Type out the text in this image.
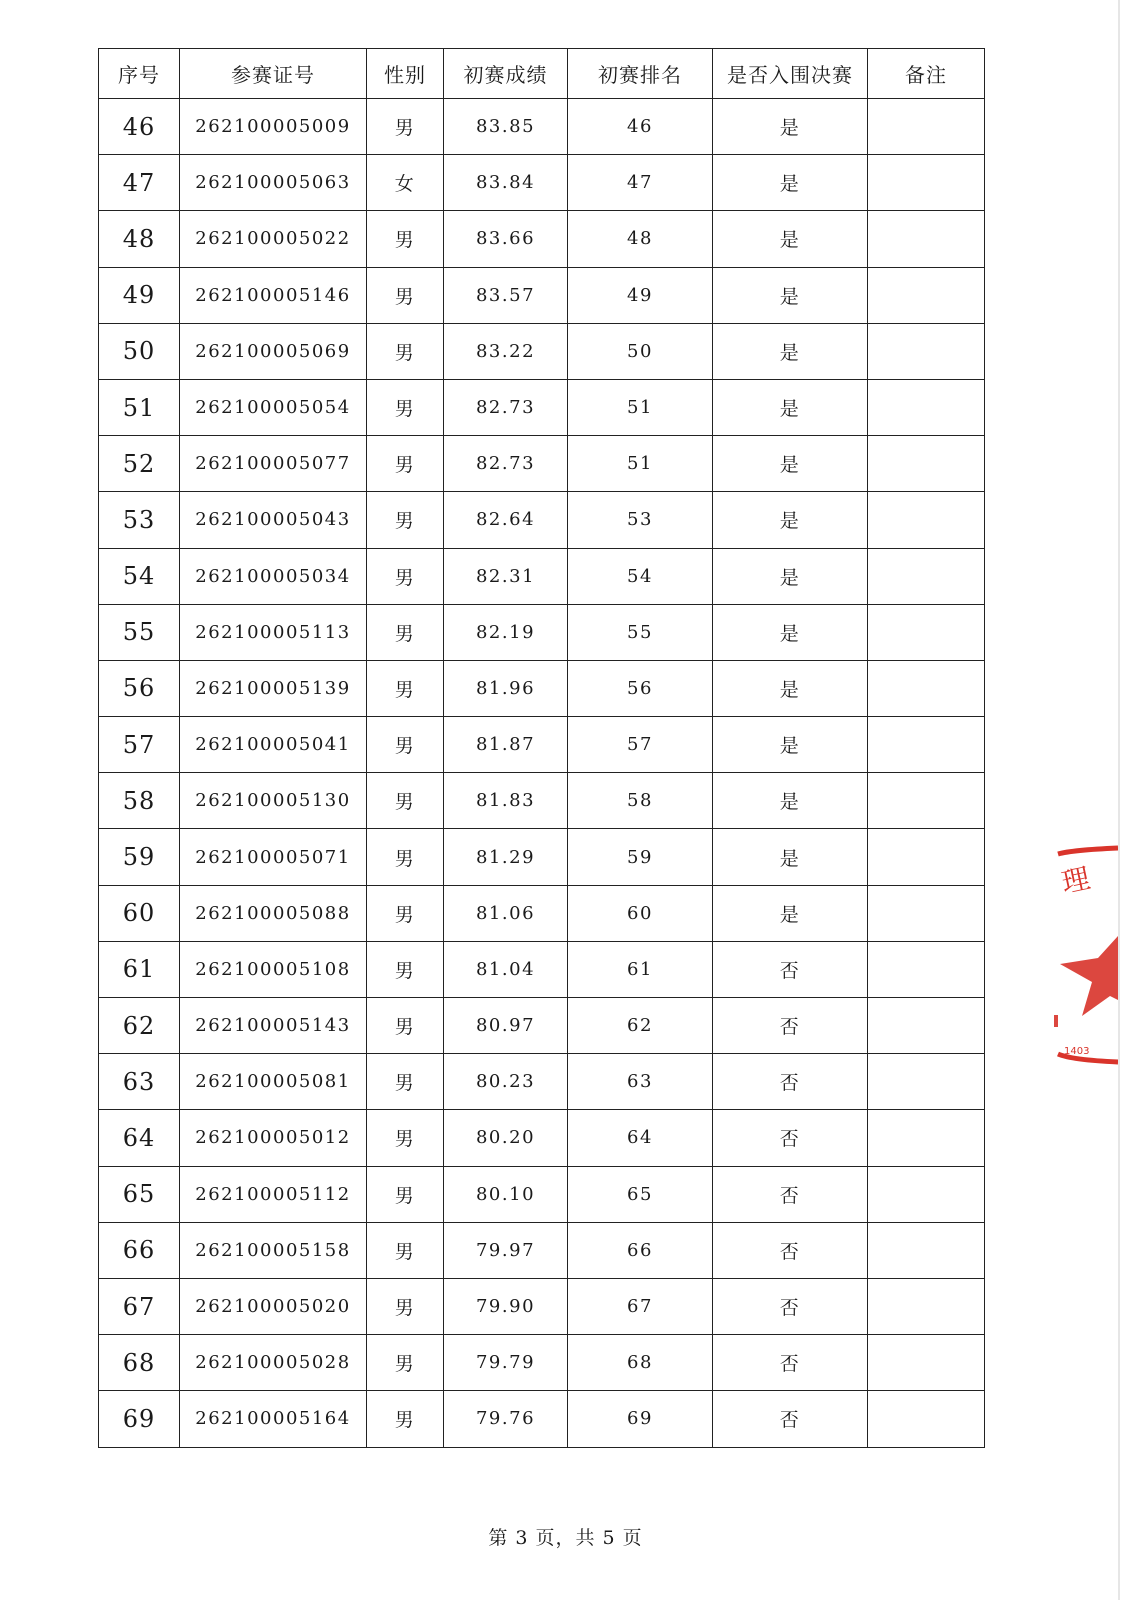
序号	参赛证号	性别	初赛成绩	初赛排名	是否入围决赛	备注
46	262100005009	男	83.85	46	是	
47	262100005063	女	83.84	47	是	
48	262100005022	男	83.66	48	是	
49	262100005146	男	83.57	49	是	
50	262100005069	男	83.22	50	是	
51	262100005054	男	82.73	51	是	
52	262100005077	男	82.73	51	是	
53	262100005043	男	82.64	53	是	
54	262100005034	男	82.31	54	是	
55	262100005113	男	82.19	55	是	
56	262100005139	男	81.96	56	是	
57	262100005041	男	81.87	57	是	
58	262100005130	男	81.83	58	是	
59	262100005071	男	81.29	59	是	
60	262100005088	男	81.06	60	是	
61	262100005108	男	81.04	61	否	
62	262100005143	男	80.97	62	否	
63	262100005081	男	80.23	63	否	
64	262100005012	男	80.20	64	否	
65	262100005112	男	80.10	65	否	
66	262100005158	男	79.97	66	否	
67	262100005020	男	79.90	67	否	
68	262100005028	男	79.79	68	否	
69	262100005164	男	79.76	69	否	
第 3 页，共 5 页
理
1403
